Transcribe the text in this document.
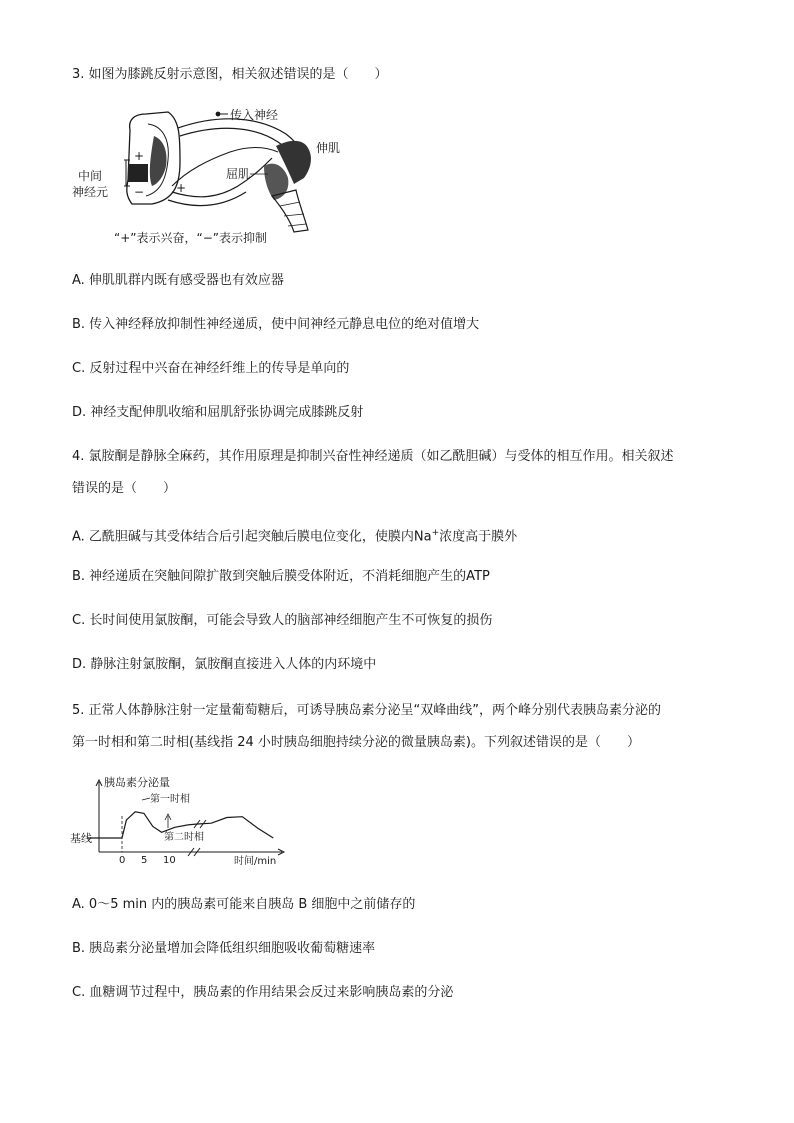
3. 如图为膝跳反射示意图，相关叙述错误的是（　　）
+
−	+
传入神经
伸肌
屈肌
中间
神经元
“+”表示兴奋，“−”表示抑制
A. 伸肌肌群内既有感受器也有效应器
B. 传入神经释放抑制性神经递质，使中间神经元静息电位的绝对值增大
C. 反射过程中兴奋在神经纤维上的传导是单向的
D. 神经支配伸肌收缩和屈肌舒张协调完成膝跳反射
4. 氯胺酮是静脉全麻药，其作用原理是抑制兴奋性神经递质（如乙酰胆碱）与受体的相互作用。相关叙述
错误的是（　　）
A. 乙酰胆碱与其受体结合后引起突触后膜电位变化，使膜内Na+浓度高于膜外
B. 神经递质在突触间隙扩散到突触后膜受体附近，不消耗细胞产生的ATP
C. 长时间使用氯胺酮，可能会导致人的脑部神经细胞产生不可恢复的损伤
D. 静脉注射氯胺酮，氯胺酮直接进入人体的内环境中
5. 正常人体静脉注射一定量葡萄糖后，可诱导胰岛素分泌呈“双峰曲线”，两个峰分别代表胰岛素分泌的
第一时相和第二时相(基线指 24 小时胰岛细胞持续分泌的微量胰岛素)。下列叙述错误的是（　　）
胰岛素分泌量
时间/min
基线
第一时相
第二时相
0 5 10
A. 0～5 min 内的胰岛素可能来自胰岛 B 细胞中之前储存的
B. 胰岛素分泌量增加会降低组织细胞吸收葡萄糖速率
C. 血糖调节过程中，胰岛素的作用结果会反过来影响胰岛素的分泌
